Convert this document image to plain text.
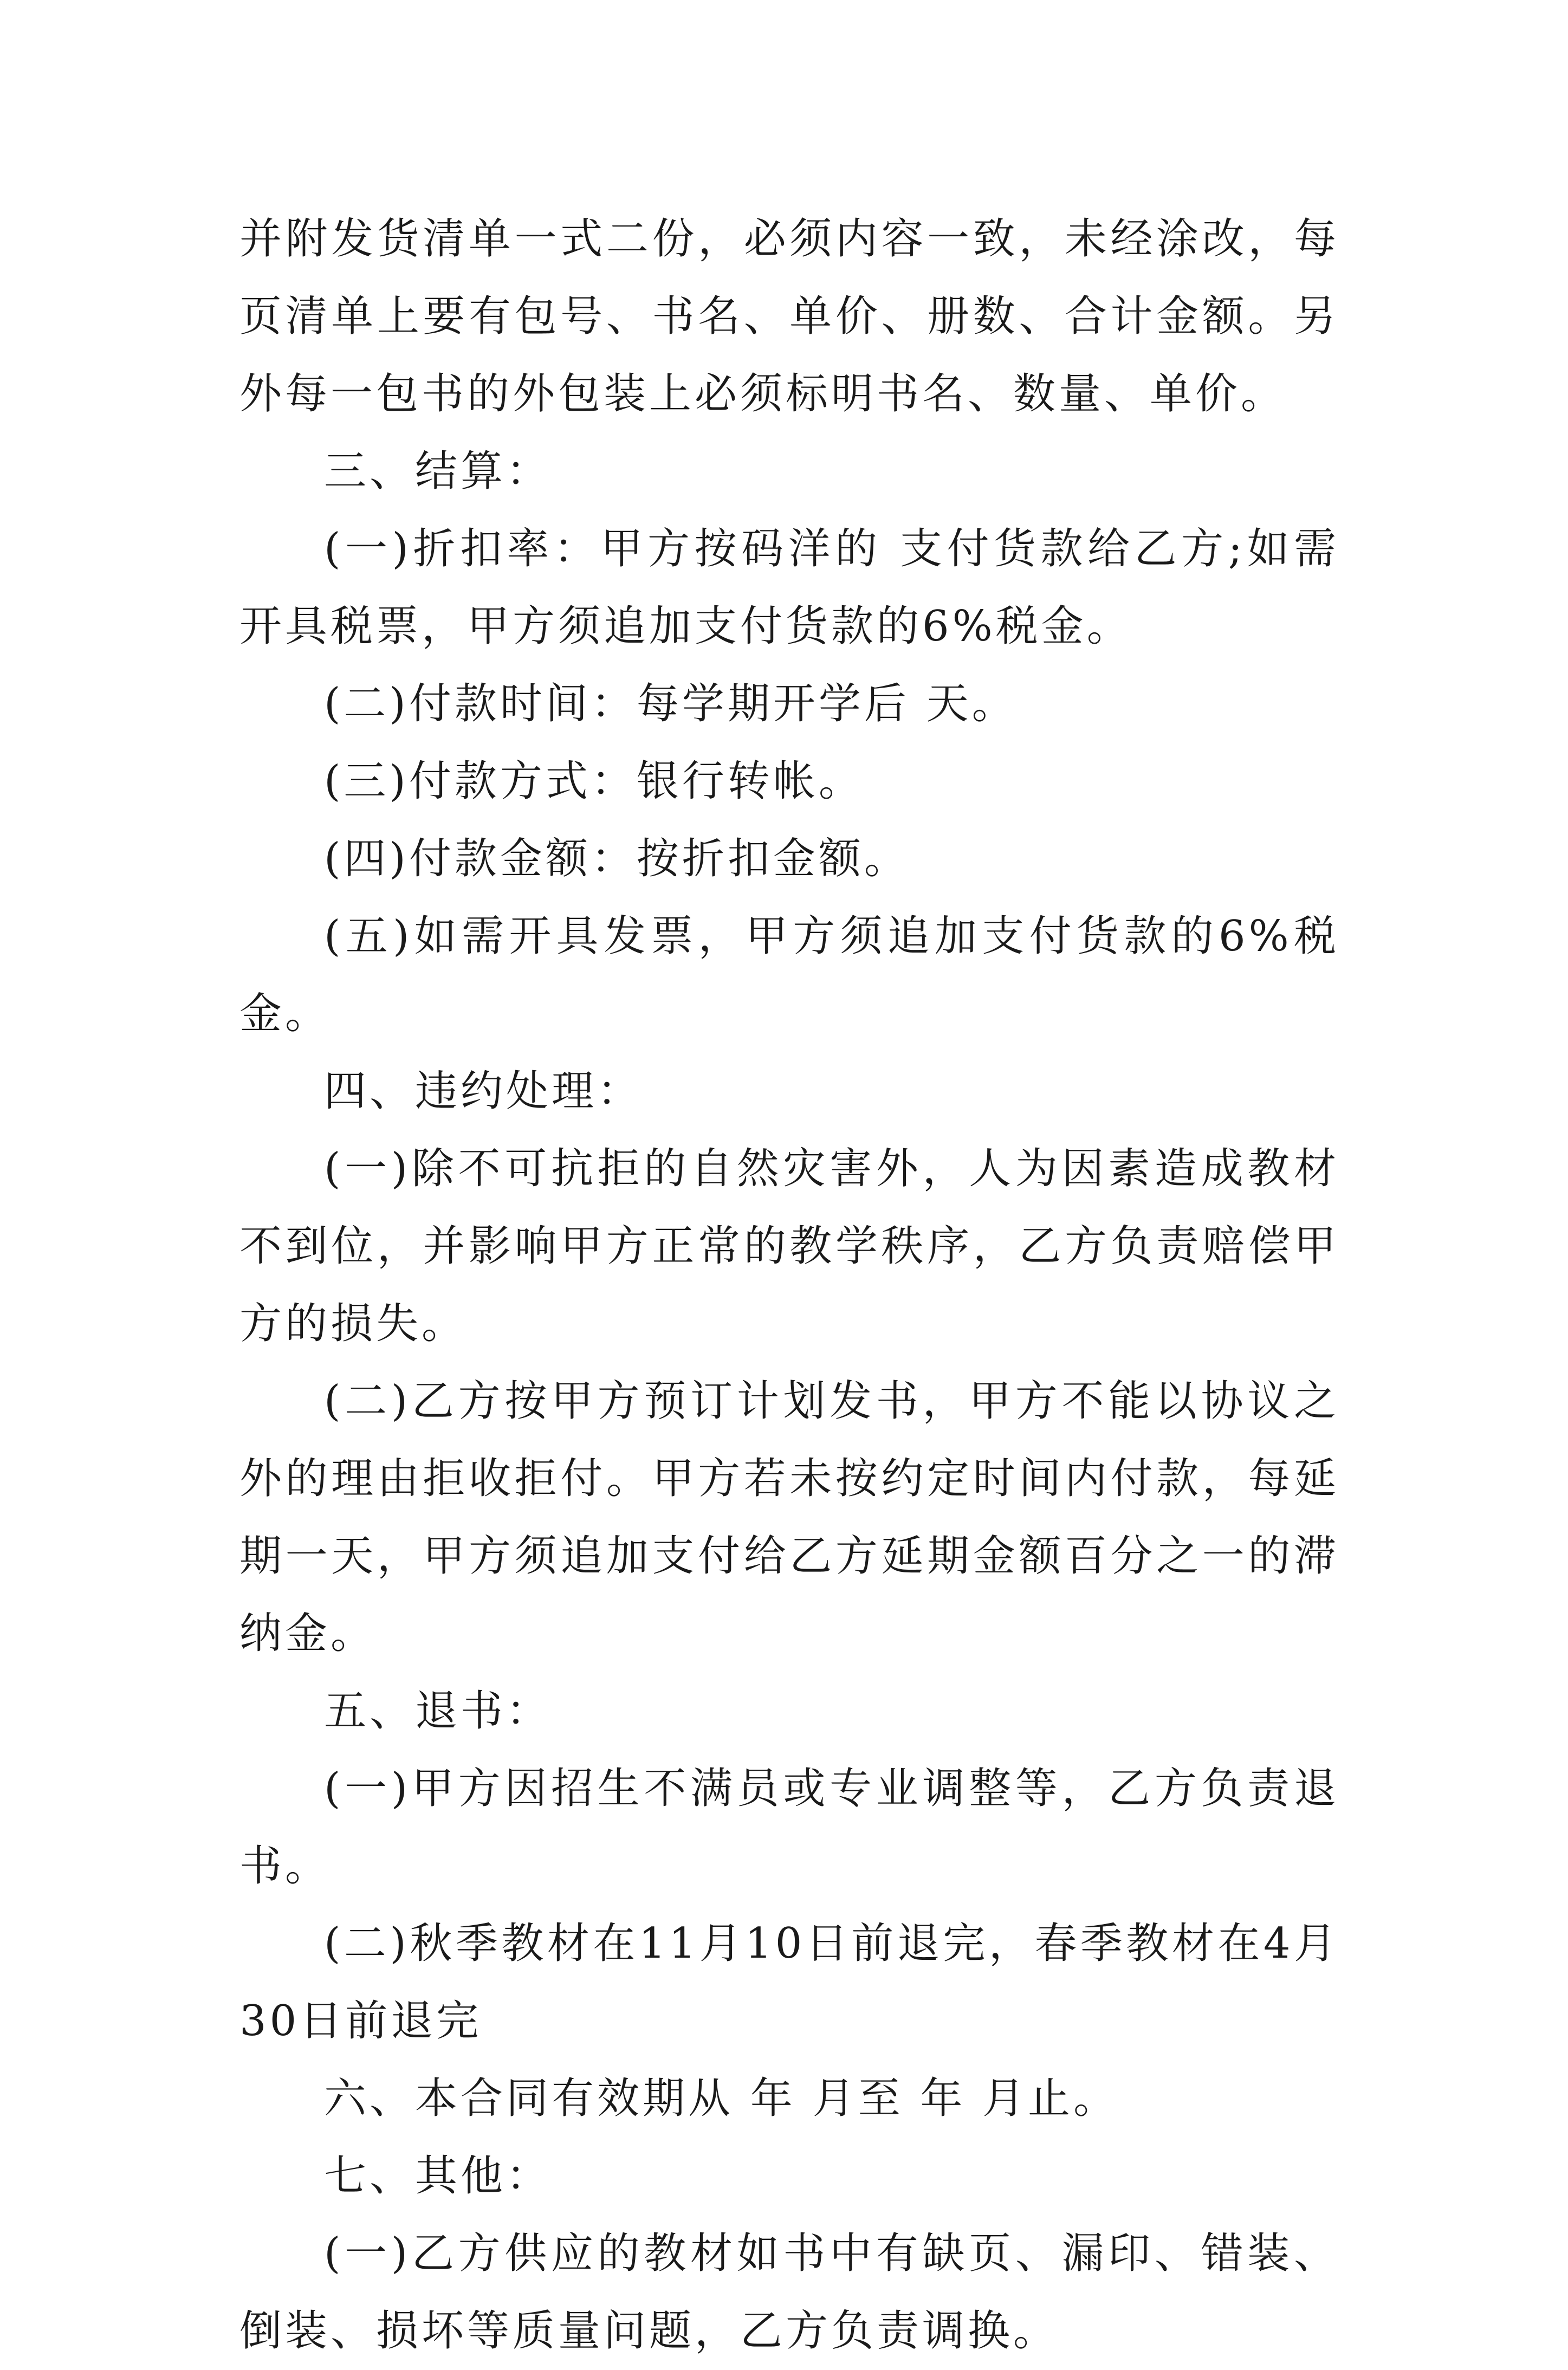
并附发货清单一式二份，必须内容一致，未经涂改，每页清单上要有包号、书名、单价、册数、合计金额。另外每一包书的外包装上必须标明书名、数量、单价。

三、结算：

(一)折扣率：甲方按码洋的 支付货款给乙方;如需开具税票，甲方须追加支付货款的6%税金。

(二)付款时间：每学期开学后 天。

(三)付款方式：银行转帐。

(四)付款金额：按折扣金额。

(五)如需开具发票，甲方须追加支付货款的6%税金。

四、违约处理：

(一)除不可抗拒的自然灾害外，人为因素造成教材不到位，并影响甲方正常的教学秩序，乙方负责赔偿甲方的损失。

(二)乙方按甲方预订计划发书，甲方不能以协议之外的理由拒收拒付。甲方若未按约定时间内付款，每延期一天，甲方须追加支付给乙方延期金额百分之一的滞纳金。

五、退书：

(一)甲方因招生不满员或专业调整等，乙方负责退书。

(二)秋季教材在11月10日前退完，春季教材在4月30日前退完

六、本合同有效期从 年 月至 年 月止。

七、其他：

(一)乙方供应的教材如书中有缺页、漏印、错装、倒装、损坏等质量问题，乙方负责调换。
